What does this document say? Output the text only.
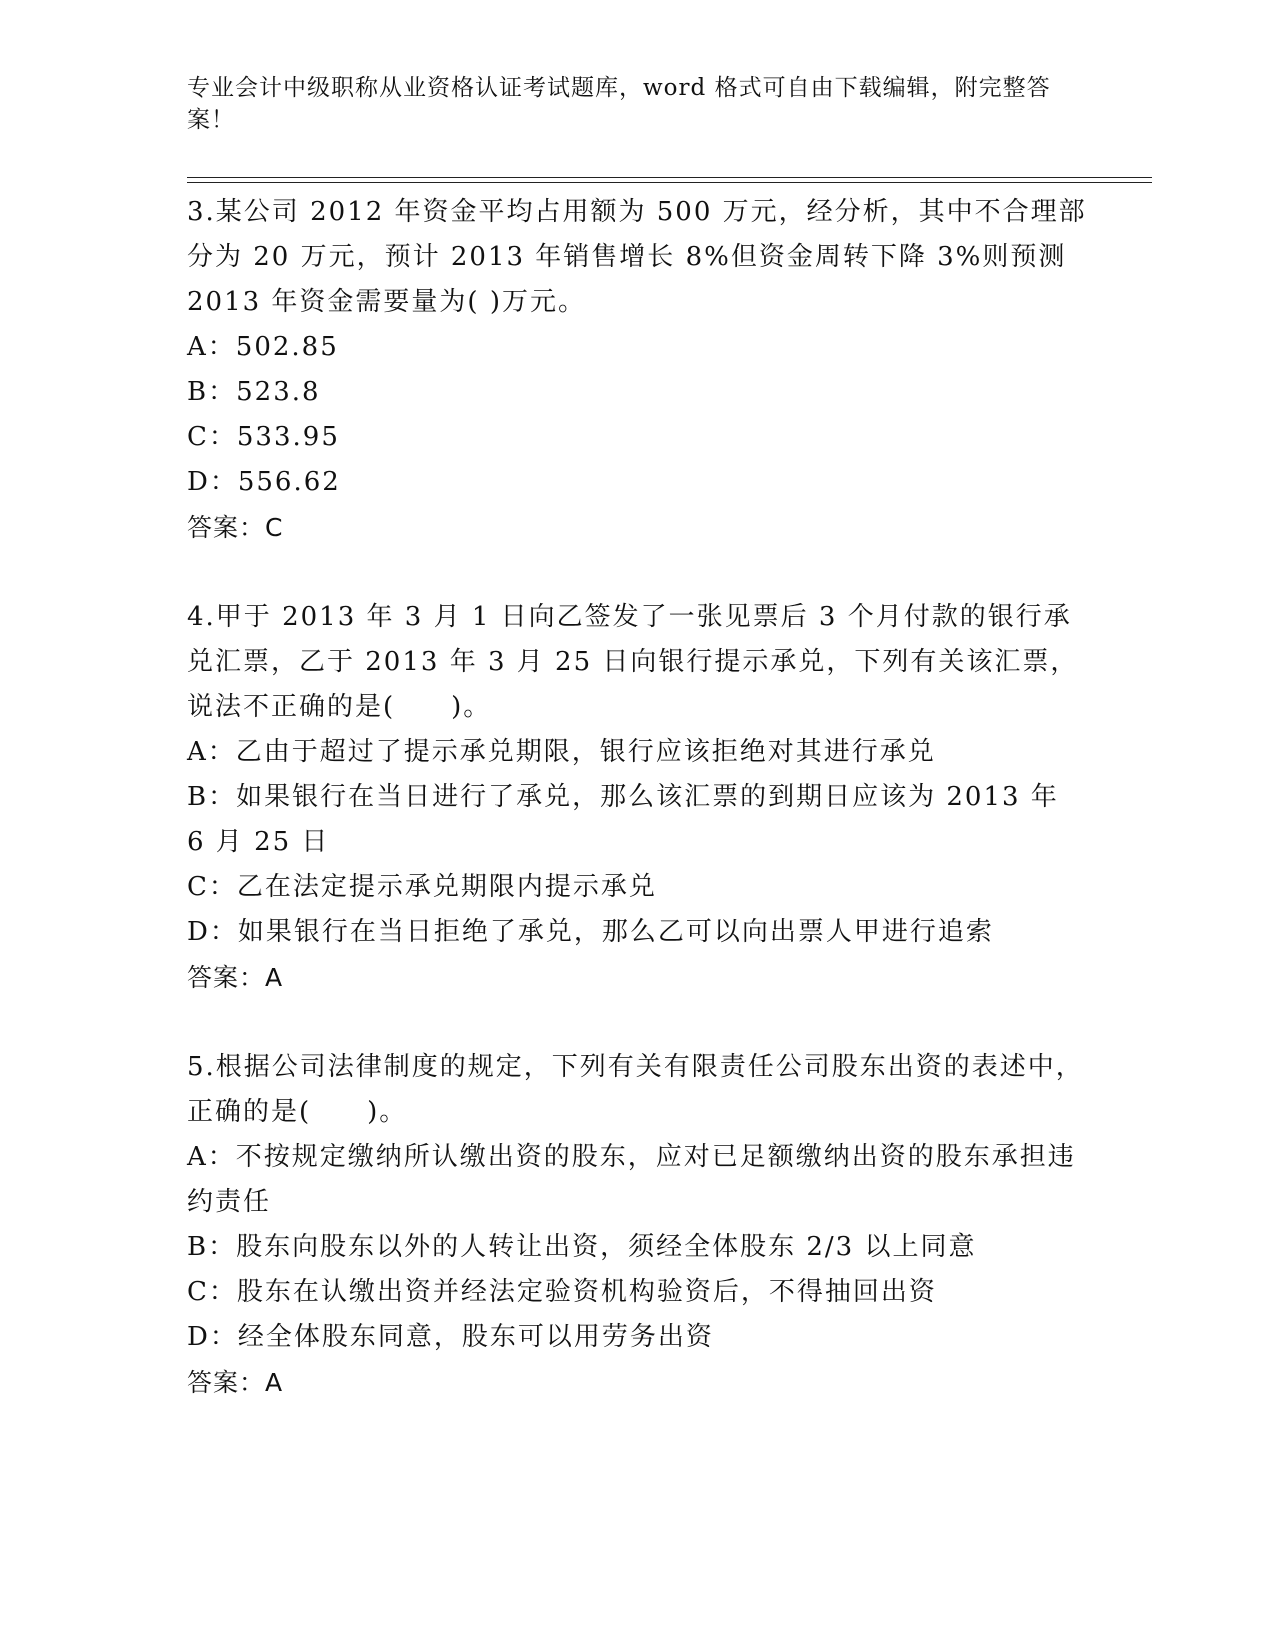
专业会计中级职称从业资格认证考试题库，word 格式可自由下载编辑，附完整答案！

3.某公司 2012 年资金平均占用额为 500 万元，经分析，其中不合理部分为 20 万元，预计 2013 年销售增长 8%但资金周转下降 3%则预测 2013 年资金需要量为( )万元。

A：502.85

B：523.8

C：533.95

D：556.62

答案：C

4.甲于 2013 年 3 月 1 日向乙签发了一张见票后 3 个月付款的银行承兑汇票，乙于 2013 年 3 月 25 日向银行提示承兑，下列有关该汇票，说法不正确的是(　　)。

A：乙由于超过了提示承兑期限，银行应该拒绝对其进行承兑

B：如果银行在当日进行了承兑，那么该汇票的到期日应该为 2013 年 6 月 25 日

C：乙在法定提示承兑期限内提示承兑

D：如果银行在当日拒绝了承兑，那么乙可以向出票人甲进行追索

答案：A

5.根据公司法律制度的规定，下列有关有限责任公司股东出资的表述中，正确的是(　　)。

A：不按规定缴纳所认缴出资的股东，应对已足额缴纳出资的股东承担违约责任

B：股东向股东以外的人转让出资，须经全体股东 2/3 以上同意

C：股东在认缴出资并经法定验资机构验资后，不得抽回出资

D：经全体股东同意，股东可以用劳务出资

答案：A
